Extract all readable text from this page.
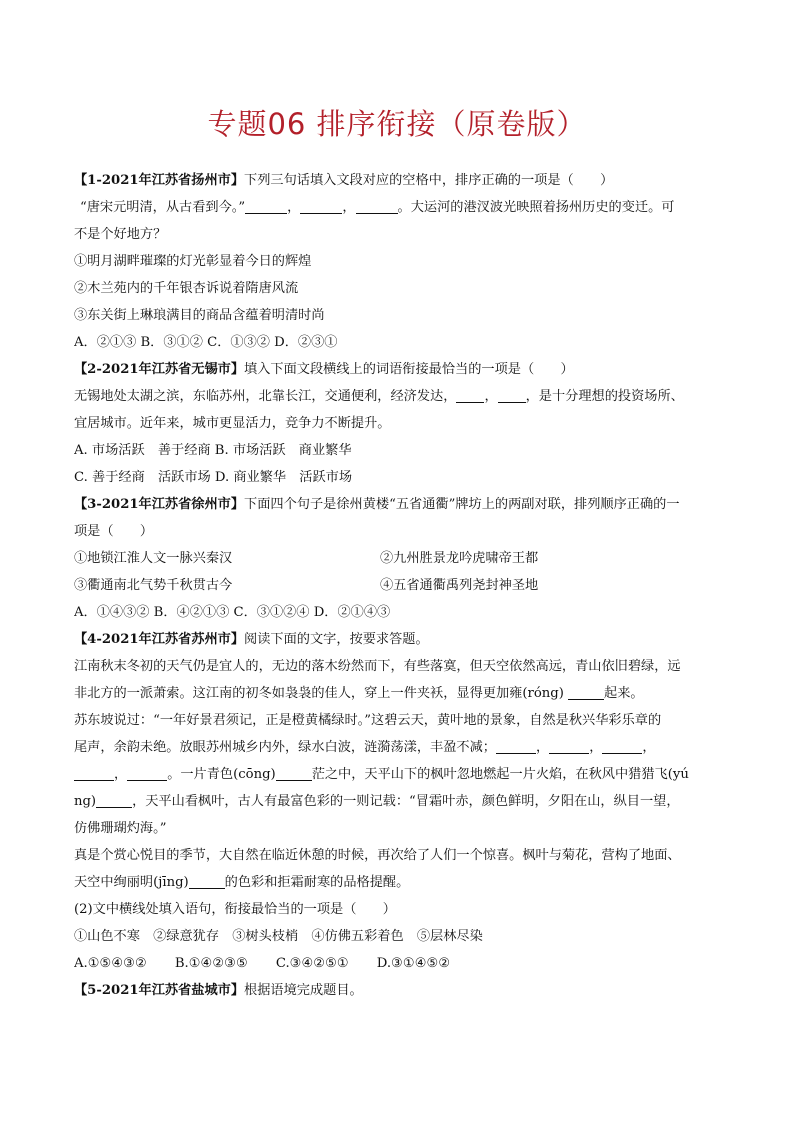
专题06 排序衔接（原卷版）
【1-2021年江苏省扬州市】下列三句话填入文段对应的空格中，排序正确的一项是（　　）
“唐宋元明清，从古看到今。”	，	，	。大运河的港汊波光映照着扬州历史的变迁。可
不是个好地方？
①明月湖畔璀璨的灯光彰显着今日的辉煌
②木兰苑内的千年银杏诉说着隋唐风流
③东关街上琳琅满目的商品含蕴着明清时尚
A．②①③ B．③①② C．①③② D．②③①
【2-2021年江苏省无锡市】填入下面文段横线上的词语衔接最恰当的一项是（　　）
无锡地处太湖之滨，东临苏州，北靠长江，交通便利，经济发达， ， ，是十分理想的投资场所、
宜居城市。近年来，城市更显活力，竞争力不断提升。
A. 市场活跃　善于经商 B. 市场活跃　商业繁华
C. 善于经商　活跃市场 D. 商业繁华　活跃市场
【3-2021年江苏省徐州市】下面四个句子是徐州黄楼“五省通衢”牌坊上的两副对联，排列顺序正确的一
项是（　　）
①地锁江淮人文一脉兴秦汉	②九州胜景龙吟虎啸帝王都
③衢通南北气势千秋贯古今	④五省通衢禹列尧封神圣地
A．①④③② B．④②①③ C．③①②④ D．②①④③
【4-2021年江苏省苏州市】阅读下面的文字，按要求答题。
江南秋末冬初的天气仍是宜人的，无边的落木纷然而下，有些落寞，但天空依然高远，青山依旧碧绿，远
非北方的一派萧索。这江南的初冬如袅袅的佳人，穿上一件夹袄，显得更加雍(róng)	起来。
苏东坡说过：“一年好景君须记，正是橙黄橘绿时。”这碧云天，黄叶地的景象，自然是秋兴华彩乐章的
尾声，余韵未绝。放眼苏州城乡内外，绿水白波，涟漪荡漾，丰盈不减；	，	，	，
，	。一片青色(cōng)	茫之中，天平山下的枫叶忽地燃起一片火焰，在秋风中猎猎飞(yú
ng)	，天平山看枫叶，古人有最富色彩的一则记载：“冒霜叶赤，颜色鲜明，夕阳在山，纵目一望，
仿佛珊瑚灼海。”
真是个赏心悦目的季节，大自然在临近休憩的时候，再次给了人们一个惊喜。枫叶与菊花，营构了地面、
天空中绚丽明(jīng)	的色彩和拒霜耐寒的品格提醒。
(2)文中横线处填入语句，衔接最恰当的一项是（　　）
①山色不寒　②绿意犹存　③树头枝梢　④仿佛五彩着色　⑤层林尽染
A.①⑤④③② B.①④②③⑤ C.③④②⑤① D.③①④⑤②
【5-2021年江苏省盐城市】根据语境完成题目。
